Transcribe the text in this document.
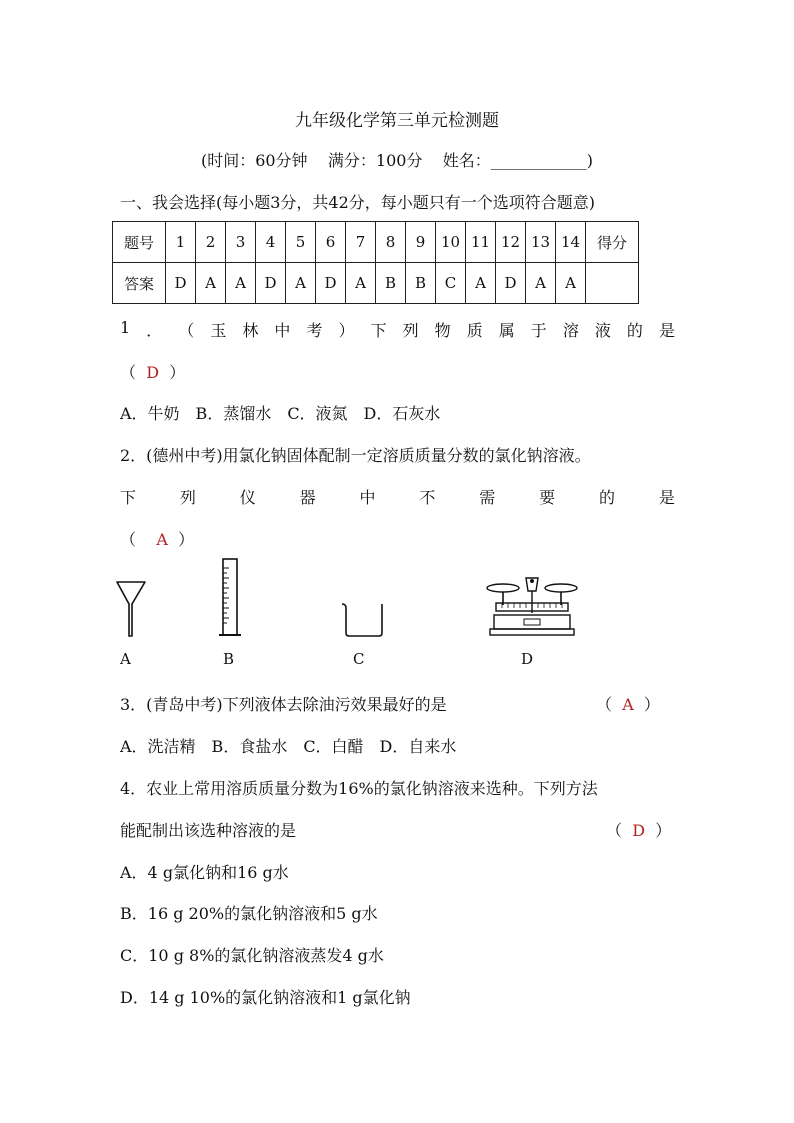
九年级化学第三单元检测题
(时间：60分钟 满分：100分 姓名：____________)
一、我会选择(每小题3分，共42分，每小题只有一个选项符合题意)
题号	1	2	3	4	5	6	7	8	9	10	11	12	13	14	得分
答案	D	A	A	D	A	D	A	B	B	C	A	D	A	A	
1 ． （ 玉 林 中 考 ） 下 列 物 质 属 于 溶 液 的 是
（ D ）
A．牛奶　B．蒸馏水　C．液氮　D．石灰水
2．(德州中考)用氯化钠固体配制一定溶质质量分数的氯化钠溶液。
下	列	仪	器	中	不	需	要	的	是
（ A ）
A	B	C	D
3．(青岛中考)下列液体去除油污效果最好的是	（ A ）
A．洗洁精　B．食盐水　C．白醋　D．自来水
4．农业上常用溶质质量分数为16%的氯化钠溶液来选种。下列方法
能配制出该选种溶液的是	（ D ）
A．4 g氯化钠和16 g水
B．16 g 20%的氯化钠溶液和5 g水
C．10 g 8%的氯化钠溶液蒸发4 g水
D．14 g 10%的氯化钠溶液和1 g氯化钠
